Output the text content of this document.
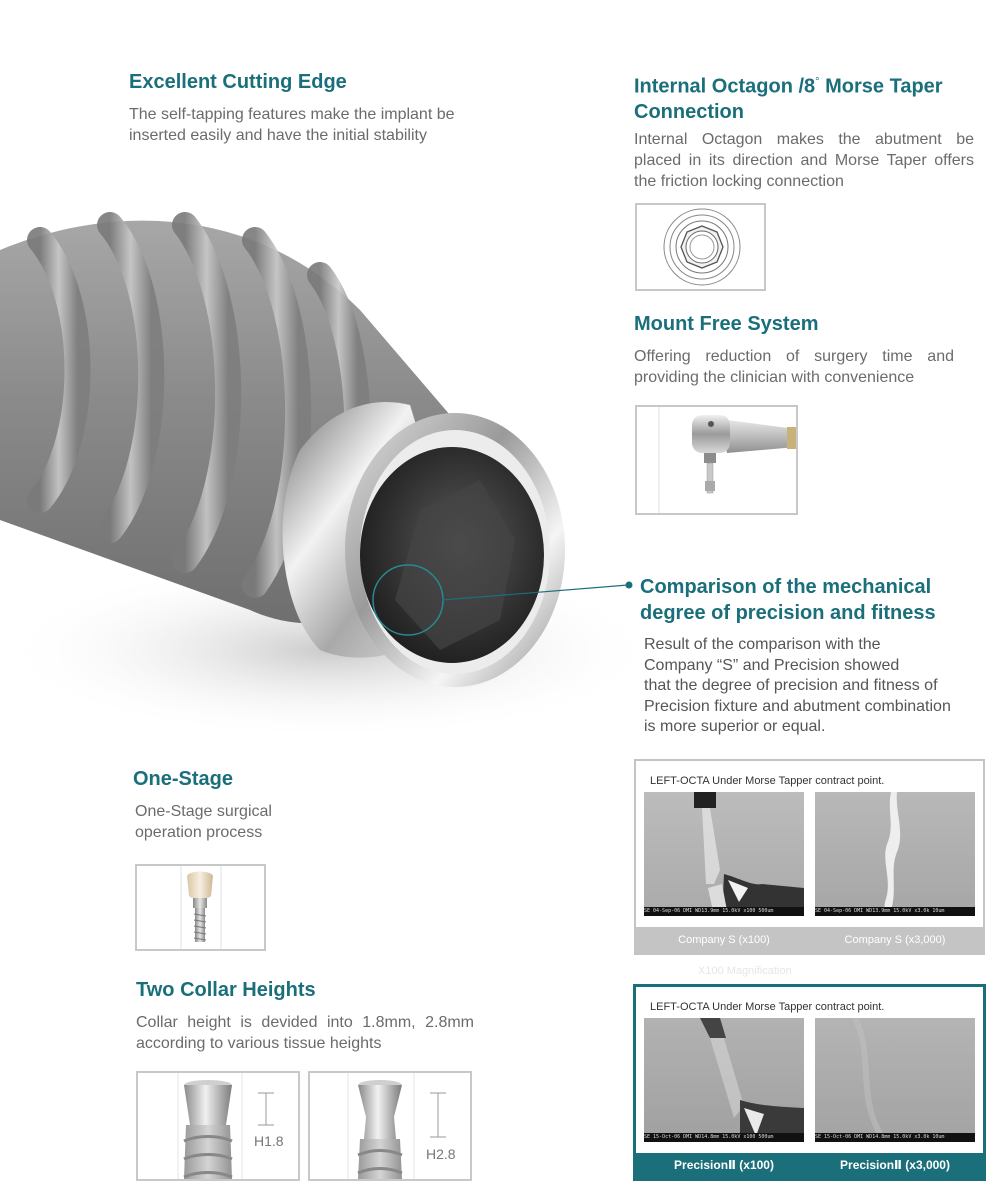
Excellent Cutting Edge

The self-tapping features make the implant be inserted easily and have the initial stability

Internal Octagon /8° Morse Taper
Connection

Internal Octagon makes the abutment be placed in its direction and Morse Taper offers the friction locking connection

Mount Free System

Offering reduction of surgery time and providing the clinician with convenience

Comparison of the mechanical
degree of precision and fitness
Result of the comparison with the
Company “S” and Precision showed
that the degree of precision and fitness of
Precision fixture and abutment combination
is more superior or equal.
LEFT-OCTA Under Morse Tapper contract point.
SE 04-Sep-06 DMI WD13.9mm 15.0kV x100 500um	SE 04-Sep-06 DMI WD13.9mm 15.0kV x3.0k 10um
Company S (x100)	Company S (x3,000)
X100 Magnification
LEFT-OCTA Under Morse Tapper contract point.
SE 15-Oct-06 DMI WD14.8mm 15.0kV x100 500um	SE 15-Oct-06 DMI WD14.8mm 15.0kV x3.0k 10um
PrecisionⅡ (x100)	PrecisionⅡ (x3,000)
One-Stage
One-Stage surgical
operation process
Two Collar Heights

Collar height is devided into 1.8mm, 2.8mm according to various tissue heights

H1.8
H2.8
